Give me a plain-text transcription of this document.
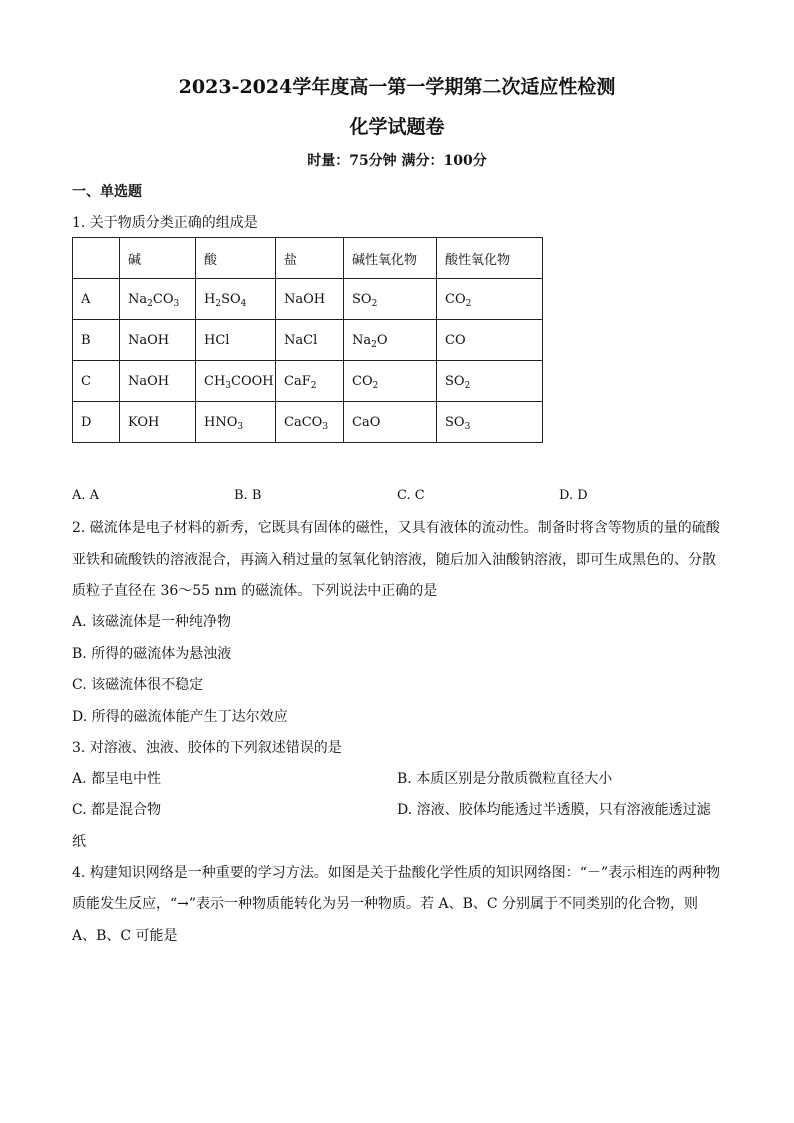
2023-2024学年度高一第一学期第二次适应性检测
化学试题卷
时量：75分钟 满分：100分
一、单选题
1. 关于物质分类正确的组成是
	碱	酸	盐	碱性氧化物	酸性氧化物
A	$Na_2CO_3$	$H_2SO_4$	NaOH	$SO_2$	$CO_2$
B	NaOH	HCl	NaCl	$Na_2O$	CO
C	NaOH	$CH_3COOH$	CaF$_2$	$CO_2$	$SO_2$
D	KOH	$HNO_3$	CaCO$_3$	CaO	$SO_3$
A. A	B. B	C. C	D. D
2. 磁流体是电子材料的新秀，它既具有固体的磁性，又具有液体的流动性。制备时将含等物质的量的硫酸
亚铁和硫酸铁的溶液混合，再滴入稍过量的氢氧化钠溶液，随后加入油酸钠溶液，即可生成黑色的、分散
质粒子直径在 36～55 nm 的磁流体。下列说法中正确的是
A. 该磁流体是一种纯净物
B. 所得的磁流体为悬浊液
C. 该磁流体很不稳定
D. 所得的磁流体能产生丁达尔效应
3. 对溶液、浊液、胶体的下列叙述错误的是
A. 都呈电中性	B. 本质区别是分散质微粒直径大小
C. 都是混合物	D. 溶液、胶体均能透过半透膜，只有溶液能透过滤
纸
4. 构建知识网络是一种重要的学习方法。如图是关于盐酸化学性质的知识网络图：“－”表示相连的两种物
质能发生反应，“→”表示一种物质能转化为另一种物质。若 A、B、C 分别属于不同类别的化合物，则
A、B、C 可能是
